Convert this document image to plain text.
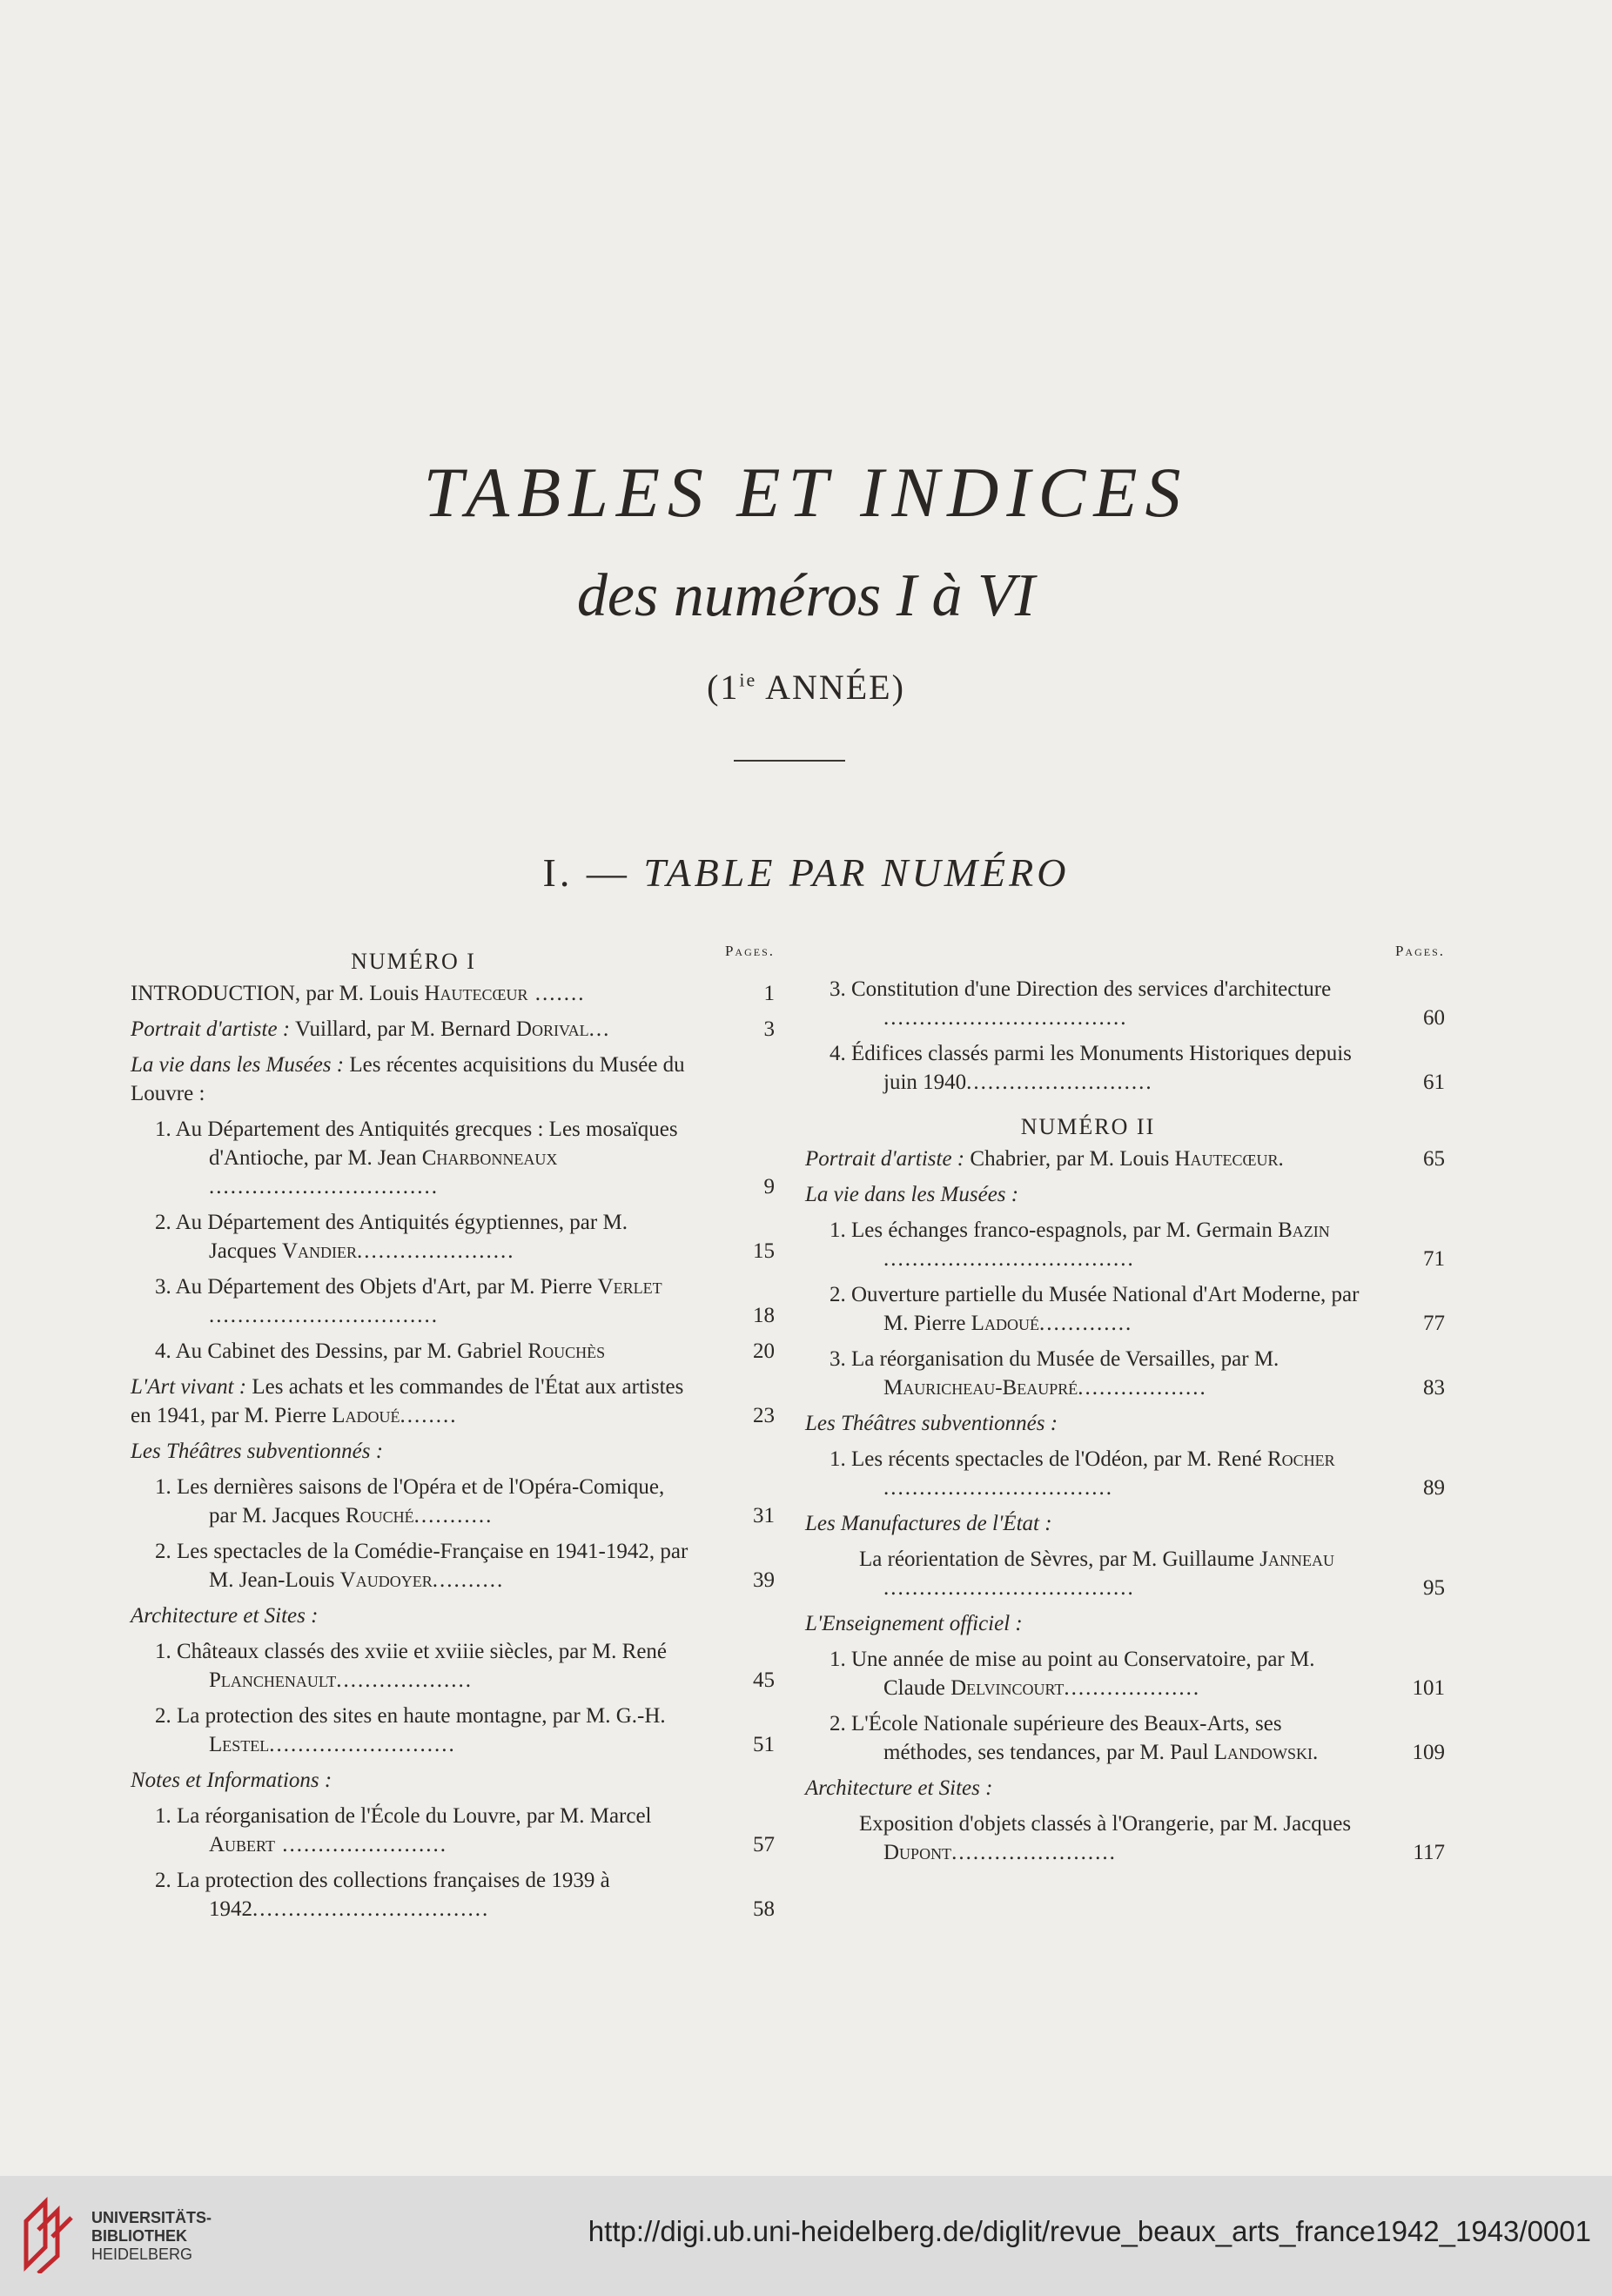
TABLES ET INDICES
des numéros I à VI
($1^{ie}$ ANNÉE)
I. — TABLE PAR NUMÉRO
Pages.
NUMÉRO I
INTRODUCTION, par M. Louis Hautecœur .......	1
Portrait d'artiste : Vuillard, par M. Bernard Dorival...	3
La vie dans les Musées : Les récentes acquisitions du Musée du Louvre :
1. Au Département des Antiquités grecques : Les mosaïques d'Antioche, par M. Jean Charbonneaux ................................	9
2. Au Département des Antiquités égyptiennes, par M. Jacques Vandier......................	15
3. Au Département des Objets d'Art, par M. Pierre Verlet ................................	18
4. Au Cabinet des Dessins, par M. Gabriel Rouchès	20
L'Art vivant : Les achats et les commandes de l'État aux artistes en 1941, par M. Pierre Ladoué........	23
Les Théâtres subventionnés :
1. Les dernières saisons de l'Opéra et de l'Opéra-Comique, par M. Jacques Rouché...........	31
2. Les spectacles de la Comédie-Française en 1941-1942, par M. Jean-Louis Vaudoyer..........	39
Architecture et Sites :
1. Châteaux classés des xviie et xviiie siècles, par M. René Planchenault...................	45
2. La protection des sites en haute montagne, par M. G.-H. Lestel..........................	51
Notes et Informations :
1. La réorganisation de l'École du Louvre, par M. Marcel Aubert .......................	57
2. La protection des collections françaises de 1939 à 1942.................................	58
Pages.
3. Constitution d'une Direction des services d'architecture ..................................	60
4. Édifices classés parmi les Monuments Historiques depuis juin 1940..........................	61
NUMÉRO II
Portrait d'artiste : Chabrier, par M. Louis Hautecœur.	65
La vie dans les Musées :
1. Les échanges franco-espagnols, par M. Germain Bazin ...................................	71
2. Ouverture partielle du Musée National d'Art Moderne, par M. Pierre Ladoué.............	77
3. La réorganisation du Musée de Versailles, par M. Mauricheau-Beaupré..................	83
Les Théâtres subventionnés :
1. Les récents spectacles de l'Odéon, par M. René Rocher ................................	89
Les Manufactures de l'État :
La réorientation de Sèvres, par M. Guillaume Janneau ...................................	95
L'Enseignement officiel :
1. Une année de mise au point au Conservatoire, par M. Claude Delvincourt...................	101
2. L'École Nationale supérieure des Beaux-Arts, ses méthodes, ses tendances, par M. Paul Landowski.	109
Architecture et Sites :
Exposition d'objets classés à l'Orangerie, par M. Jacques Dupont.......................	117
UNIVERSITÄTS-
BIBLIOTHEK
HEIDELBERG
http://digi.ub.uni-heidelberg.de/diglit/revue_beaux_arts_france1942_1943/0001
